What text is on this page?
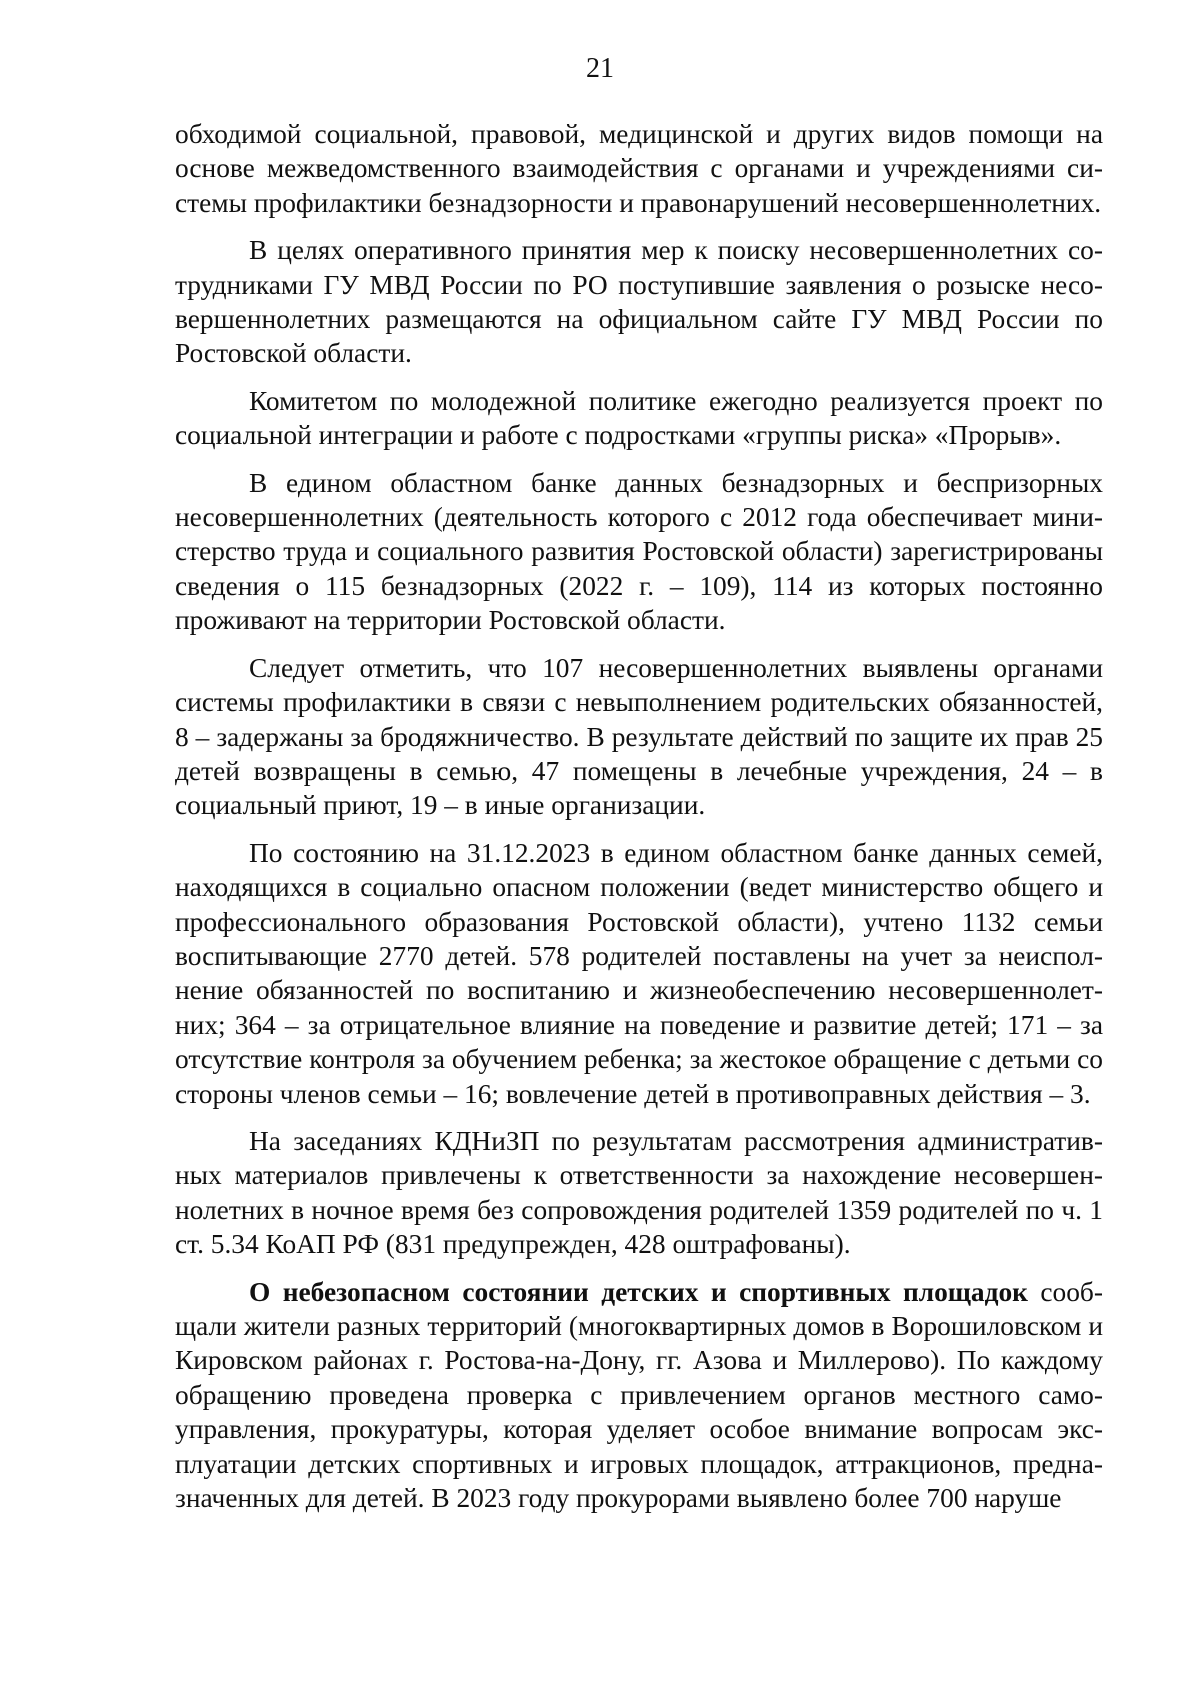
21

обходимой социальной, правовой, медицинской и других видов помощи на основе межведомственного взаимодействия с органами и учреждениями системы профилактики безнадзорности и правонарушений несовершеннолетних.

В целях оперативного принятия мер к поиску несовершеннолетних сотрудниками ГУ МВД России по РО поступившие заявления о розыске несовершеннолетних размещаются на официальном сайте ГУ МВД России по Ростовской области.

Комитетом по молодежной политике ежегодно реализуется проект по социальной интеграции и работе с подростками «группы риска» «Прорыв».

В едином областном банке данных безнадзорных и беспризорных несовершеннолетних (деятельность которого с 2012 года обеспечивает министерство труда и социального развития Ростовской области) зарегистрированы сведения о 115 безнадзорных (2022 г. – 109), 114 из которых постоянно проживают на территории Ростовской области.

Следует отметить, что 107 несовершеннолетних выявлены органами системы профилактики в связи с невыполнением родительских обязанностей, 8 – задержаны за бродяжничество. В результате действий по защите их прав 25 детей возвращены в семью, 47 помещены в лечебные учреждения, 24 – в социальный приют, 19 – в иные организации.

По состоянию на 31.12.2023 в едином областном банке данных семей, находящихся в социально опасном положении (ведет министерство общего и профессионального образования Ростовской области), учтено 1132 семьи воспитывающие 2770 детей. 578 родителей поставлены на учет за неисполнение обязанностей по воспитанию и жизнеобеспечению несовершеннолетних; 364 – за отрицательное влияние на поведение и развитие детей; 171 – за отсутствие контроля за обучением ребенка; за жестокое обращение с детьми со стороны членов семьи – 16; вовлечение детей в противоправных действия – 3.

На заседаниях КДНиЗП по результатам рассмотрения административных материалов привлечены к ответственности за нахождение несовершеннолетних в ночное время без сопровождения родителей 1359 родителей по ч. 1 ст. 5.34 КоАП РФ (831 предупрежден, 428 оштрафованы).

О небезопасном состоянии детских и спортивных площадок сообщали жители разных территорий (многоквартирных домов в Ворошиловском и Кировском районах г. Ростова-на-Дону, гг. Азова и Миллерово). По каждому обращению проведена проверка с привлечением органов местного самоуправления, прокуратуры, которая уделяет особое внимание вопросам эксплуатации детских спортивных и игровых площадок, аттракционов, предназначенных для детей. В 2023 году прокурорами выявлено более 700 наруше
